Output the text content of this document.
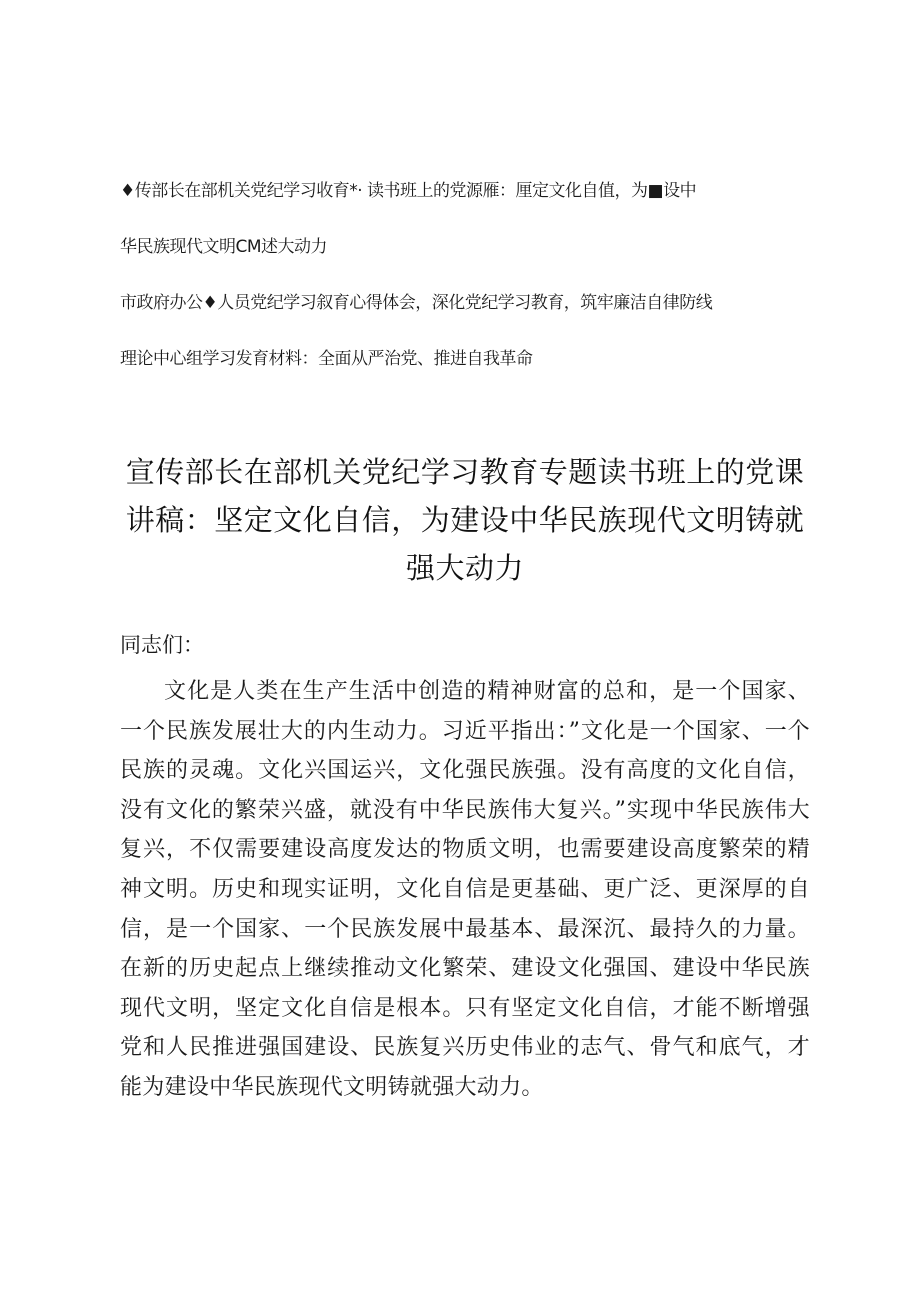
♦传部长在部机关党纪学习收育*· 读书班上的党源雁：厘定文化自值，为■设中
华民族现代文明CM述大动力
市政府办公♦人员党纪学习叙育心得体会，深化党纪学习教育，筑牢廉洁自律防线
理论中心组学习发育材料：全面从严治党、推进自我革命
宣传部长在部机关党纪学习教育专题读书班上的党课讲稿：坚定文化自信，为建设中华民族现代文明铸就强大动力
同志们：
文化是人类在生产生活中创造的精神财富的总和，是一个国家、一个民族发展壮大的内生动力。习近平指出：”文化是一个国家、一个民族的灵魂。文化兴国运兴，文化强民族强。没有高度的文化自信，没有文化的繁荣兴盛，就没有中华民族伟大复兴。”实现中华民族伟大复兴，不仅需要建设高度发达的物质文明，也需要建设高度繁荣的精神文明。历史和现实证明，文化自信是更基础、更广泛、更深厚的自信，是一个国家、一个民族发展中最基本、最深沉、最持久的力量。在新的历史起点上继续推动文化繁荣、建设文化强国、建设中华民族现代文明，坚定文化自信是根本。只有坚定文化自信，才能不断增强党和人民推进强国建设、民族复兴历史伟业的志气、骨气和底气，才能为建设中华民族现代文明铸就强大动力。
